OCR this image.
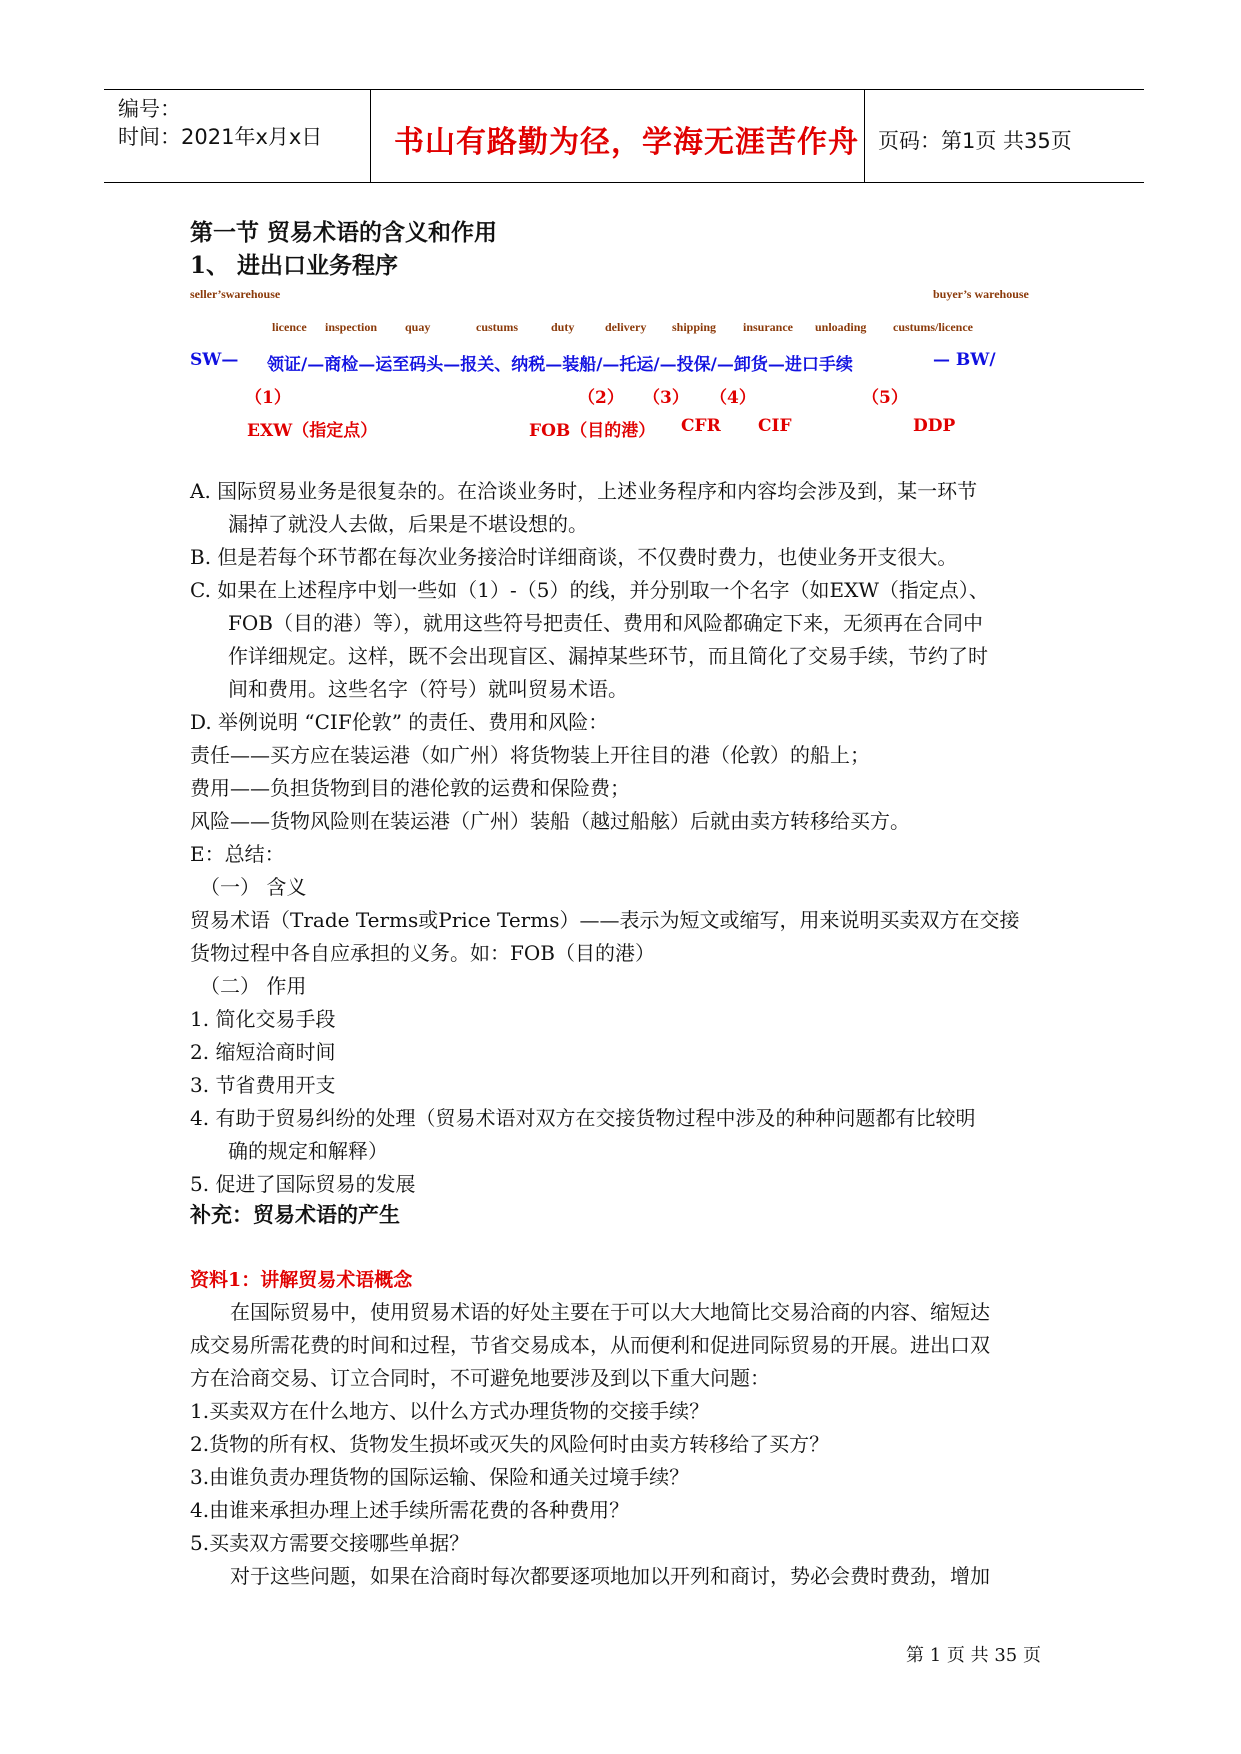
编号：
时间：2021年x月x日 书山有路勤为径，学海无涯苦作舟 页码：第1页 共35页
第一节 贸易术语的含义和作用
1、 进出口业务程序
seller’swarehouse	buyer’s warehouse
licence inspection quay	custums	duty	delivery shipping insurance unloading custums/licence
SW— 领证/—商检—运至码头—报关、纳税—装船/—托运/—投保/—卸货—进口手续	— BW/
（1）	（2） （3） （4）	（5）
EXW（指定点）	FOB（目的港） CFR CIF	DDP
A. 国际贸易业务是很复杂的。在洽谈业务时，上述业务程序和内容均会涉及到，某一环节
漏掉了就没人去做，后果是不堪设想的。
B. 但是若每个环节都在每次业务接洽时详细商谈，不仅费时费力，也使业务开支很大。
C. 如果在上述程序中划一些如（1）-（5）的线，并分别取一个名字（如EXW（指定点）、
FOB（目的港）等），就用这些符号把责任、费用和风险都确定下来，无须再在合同中
作详细规定。这样，既不会出现盲区、漏掉某些环节，而且简化了交易手续，节约了时
间和费用。这些名字（符号）就叫贸易术语。
D. 举例说明 “CIF伦敦” 的责任、费用和风险：
责任——买方应在装运港（如广州）将货物装上开往目的港（伦敦）的船上；
费用——负担货物到目的港伦敦的运费和保险费；
风险——货物风险则在装运港（广州）装船（越过船舷）后就由卖方转移给买方。
E：总结：
（一） 含义
贸易术语（Trade Terms或Price Terms）——表示为短文或缩写，用来说明买卖双方在交接
货物过程中各自应承担的义务。如：FOB（目的港）
（二） 作用
1. 简化交易手段
2. 缩短洽商时间
3. 节省费用开支
4. 有助于贸易纠纷的处理（贸易术语对双方在交接货物过程中涉及的种种问题都有比较明
确的规定和解释）
5. 促进了国际贸易的发展
补充：贸易术语的产生
资料1：讲解贸易术语概念
在国际贸易中，使用贸易术语的好处主要在于可以大大地简比交易洽商的内容、缩短达
成交易所需花费的时间和过程，节省交易成本，从而便利和促进同际贸易的开展。进出口双
方在洽商交易、订立合同时，不可避免地要涉及到以下重大问题：
1.买卖双方在什么地方、以什么方式办理货物的交接手续？
2.货物的所有权、货物发生损坏或灭失的风险何时由卖方转移给了买方？
3.由谁负责办理货物的国际运输、保险和通关过境手续？
4.由谁来承担办理上述手续所需花费的各种费用？
5.买卖双方需要交接哪些单据？
对于这些问题，如果在洽商时每次都要逐项地加以开列和商讨，势必会费时费劲，增加
第 1 页 共 35 页
